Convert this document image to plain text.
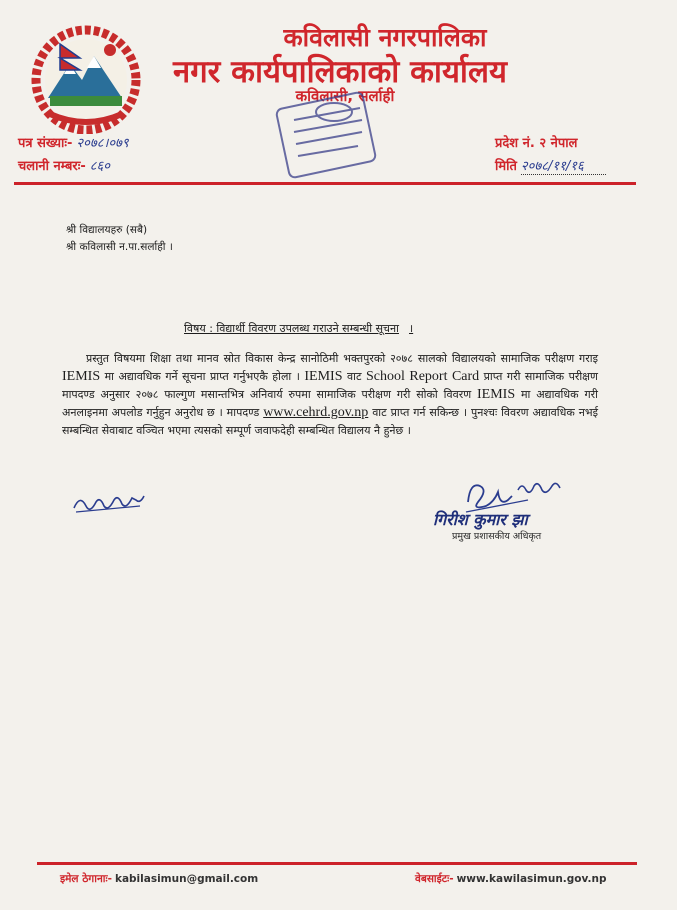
कविलासी नगरपालिका
नगर कार्यपालिकाको कार्यालय
कविलासी, सर्लाही
पत्र संख्याः- २०७८।०७९
चलानी नम्बरः- ८६०
प्रदेश नं. २ नेपाल
मिति २०७८/११/१६
श्री विद्यालयहरु (सबै)
श्री कविलासी न.पा.सर्लाही ।
विषय : विद्यार्थी विवरण उपलब्ध गराउने सम्बन्धी सूचना ।
प्रस्तुत विषयमा शिक्षा तथा मानव स्रोत विकास केन्द्र सानोठिमी भक्तपुरको २०७८ सालको विद्यालयको सामाजिक परीक्षण गराइ IEMIS मा अद्यावधिक गर्ने सूचना प्राप्त गर्नुभएकै होला । IEMIS वाट School Report Card प्राप्त गरी सामाजिक परीक्षण मापदण्ड अनुसार २०७८ फाल्गुण मसान्तभित्र अनिवार्य रुपमा सामाजिक परीक्षण गरी सोको विवरण IEMIS मा अद्यावधिक गरी अनलाइनमा अपलोड गर्नुहुन अनुरोध छ । मापदण्ड www.cehrd.gov.np वाट प्राप्त गर्न सकिन्छ । पुनश्चः विवरण अद्यावधिक नभई सम्बन्धित सेवाबाट वञ्चित भएमा त्यसको सम्पूर्ण जवाफदेही सम्बन्धित विद्यालय नै हुनेछ ।
गिरीश कुमार झा
प्रमुख प्रशासकीय अधिकृत
इमेल ठेगानाः- kabilasimun@gmail.com	वेबसाईटः- www.kawilasimun.gov.np
